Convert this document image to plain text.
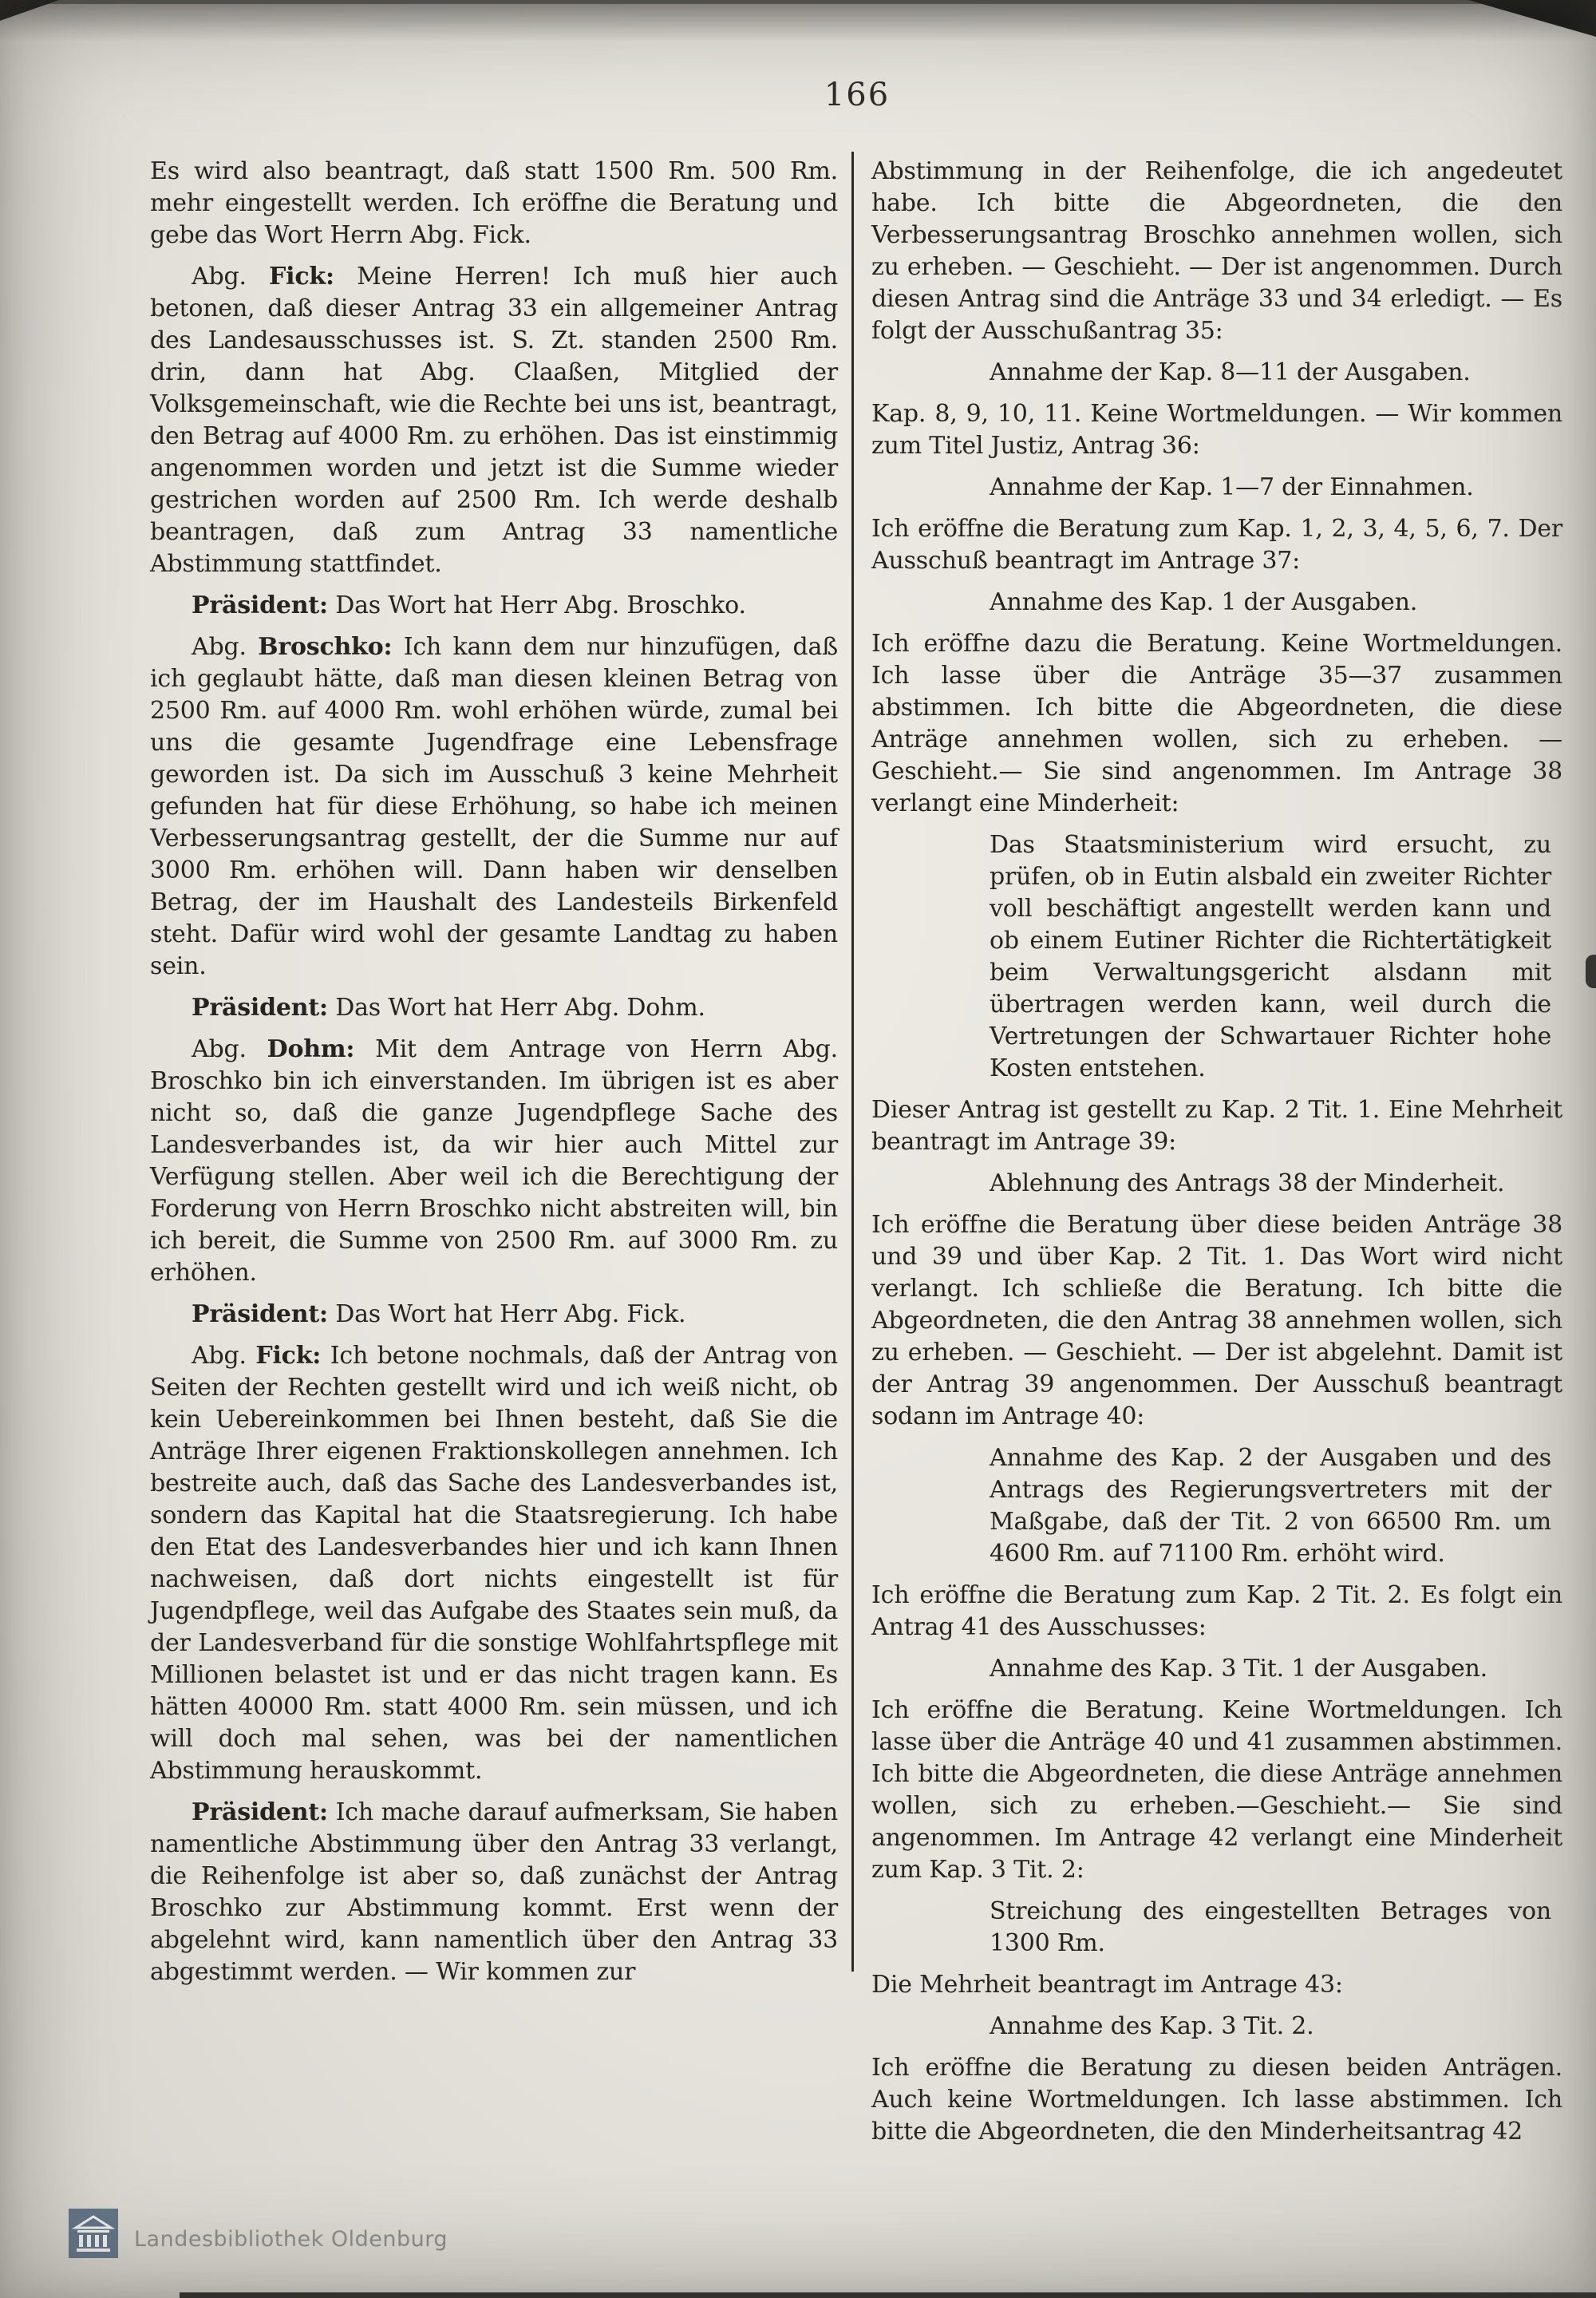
166

Es wird also beantragt, daß statt 1500 Rm. 500 Rm. mehr eingestellt werden. Ich eröffne die Beratung und gebe das Wort Herrn Abg. Fick.

Abg. Fick: Meine Herren! Ich muß hier auch betonen, daß dieser Antrag 33 ein allgemeiner Antrag des Landesausschusses ist. S. Zt. standen 2500 Rm. drin, dann hat Abg. Claaßen, Mitglied der Volksgemeinschaft, wie die Rechte bei uns ist, beantragt, den Betrag auf 4000 Rm. zu erhöhen. Das ist einstimmig angenommen worden und jetzt ist die Summe wieder gestrichen worden auf 2500 Rm. Ich werde deshalb beantragen, daß zum Antrag 33 namentliche Abstimmung stattfindet.

Präsident: Das Wort hat Herr Abg. Broschko.

Abg. Broschko: Ich kann dem nur hinzufügen, daß ich geglaubt hätte, daß man diesen kleinen Betrag von 2500 Rm. auf 4000 Rm. wohl erhöhen würde, zumal bei uns die gesamte Jugendfrage eine Lebensfrage geworden ist. Da sich im Ausschuß 3 keine Mehrheit gefunden hat für diese Erhöhung, so habe ich meinen Verbesserungsantrag gestellt, der die Summe nur auf 3000 Rm. erhöhen will. Dann haben wir denselben Betrag, der im Haushalt des Landesteils Birkenfeld steht. Dafür wird wohl der gesamte Landtag zu haben sein.

Präsident: Das Wort hat Herr Abg. Dohm.

Abg. Dohm: Mit dem Antrage von Herrn Abg. Broschko bin ich einverstanden. Im übrigen ist es aber nicht so, daß die ganze Jugendpflege Sache des Landesverbandes ist, da wir hier auch Mittel zur Verfügung stellen. Aber weil ich die Berechtigung der Forderung von Herrn Broschko nicht abstreiten will, bin ich bereit, die Summe von 2500 Rm. auf 3000 Rm. zu erhöhen.

Präsident: Das Wort hat Herr Abg. Fick.

Abg. Fick: Ich betone nochmals, daß der Antrag von Seiten der Rechten gestellt wird und ich weiß nicht, ob kein Uebereinkommen bei Ihnen besteht, daß Sie die Anträge Ihrer eigenen Fraktionskollegen annehmen. Ich bestreite auch, daß das Sache des Landesverbandes ist, sondern das Kapital hat die Staatsregierung. Ich habe den Etat des Landesverbandes hier und ich kann Ihnen nachweisen, daß dort nichts eingestellt ist für Jugendpflege, weil das Aufgabe des Staates sein muß, da der Landesverband für die sonstige Wohlfahrtspflege mit Millionen belastet ist und er das nicht tragen kann. Es hätten 40000 Rm. statt 4000 Rm. sein müssen, und ich will doch mal sehen, was bei der namentlichen Abstimmung herauskommt.

Präsident: Ich mache darauf aufmerksam, Sie haben namentliche Abstimmung über den Antrag 33 verlangt, die Reihenfolge ist aber so, daß zunächst der Antrag Broschko zur Abstimmung kommt. Erst wenn der abgelehnt wird, kann namentlich über den Antrag 33 abgestimmt werden. — Wir kommen zur

Abstimmung in der Reihenfolge, die ich angedeutet habe. Ich bitte die Abgeordneten, die den Verbesserungsantrag Broschko annehmen wollen, sich zu erheben. — Geschieht. — Der ist angenommen. Durch diesen Antrag sind die Anträge 33 und 34 erledigt. — Es folgt der Ausschußantrag 35:

Annahme der Kap. 8—11 der Ausgaben.

Kap. 8, 9, 10, 11. Keine Wortmeldungen. — Wir kommen zum Titel Justiz, Antrag 36:

Annahme der Kap. 1—7 der Einnahmen.

Ich eröffne die Beratung zum Kap. 1, 2, 3, 4, 5, 6, 7. Der Ausschuß beantragt im Antrage 37:

Annahme des Kap. 1 der Ausgaben.

Ich eröffne dazu die Beratung. Keine Wortmeldungen. Ich lasse über die Anträge 35—37 zusammen abstimmen. Ich bitte die Abgeordneten, die diese Anträge annehmen wollen, sich zu erheben. — Geschieht.— Sie sind angenommen. Im Antrage 38 verlangt eine Minderheit:

Das Staatsministerium wird ersucht, zu prüfen, ob in Eutin alsbald ein zweiter Richter voll beschäftigt angestellt werden kann und ob einem Eutiner Richter die Richtertätigkeit beim Verwaltungsgericht alsdann mit übertragen werden kann, weil durch die Vertretungen der Schwartauer Richter hohe Kosten entstehen.

Dieser Antrag ist gestellt zu Kap. 2 Tit. 1. Eine Mehrheit beantragt im Antrage 39:

Ablehnung des Antrags 38 der Minderheit.

Ich eröffne die Beratung über diese beiden Anträge 38 und 39 und über Kap. 2 Tit. 1. Das Wort wird nicht verlangt. Ich schließe die Beratung. Ich bitte die Abgeordneten, die den Antrag 38 annehmen wollen, sich zu erheben. — Geschieht. — Der ist abgelehnt. Damit ist der Antrag 39 angenommen. Der Ausschuß beantragt sodann im Antrage 40:

Annahme des Kap. 2 der Ausgaben und des Antrags des Regierungsvertreters mit der Maßgabe, daß der Tit. 2 von 66500 Rm. um 4600 Rm. auf 71100 Rm. erhöht wird.

Ich eröffne die Beratung zum Kap. 2 Tit. 2. Es folgt ein Antrag 41 des Ausschusses:

Annahme des Kap. 3 Tit. 1 der Ausgaben.

Ich eröffne die Beratung. Keine Wortmeldungen. Ich lasse über die Anträge 40 und 41 zusammen abstimmen. Ich bitte die Abgeordneten, die diese Anträge annehmen wollen, sich zu erheben.—Geschieht.— Sie sind angenommen. Im Antrage 42 verlangt eine Minderheit zum Kap. 3 Tit. 2:

Streichung des eingestellten Betrages von 1300 Rm.

Die Mehrheit beantragt im Antrage 43:

Annahme des Kap. 3 Tit. 2.

Ich eröffne die Beratung zu diesen beiden Anträgen. Auch keine Wortmeldungen. Ich lasse abstimmen. Ich bitte die Abgeordneten, die den Minderheitsantrag 42

Landesbibliothek Oldenburg
